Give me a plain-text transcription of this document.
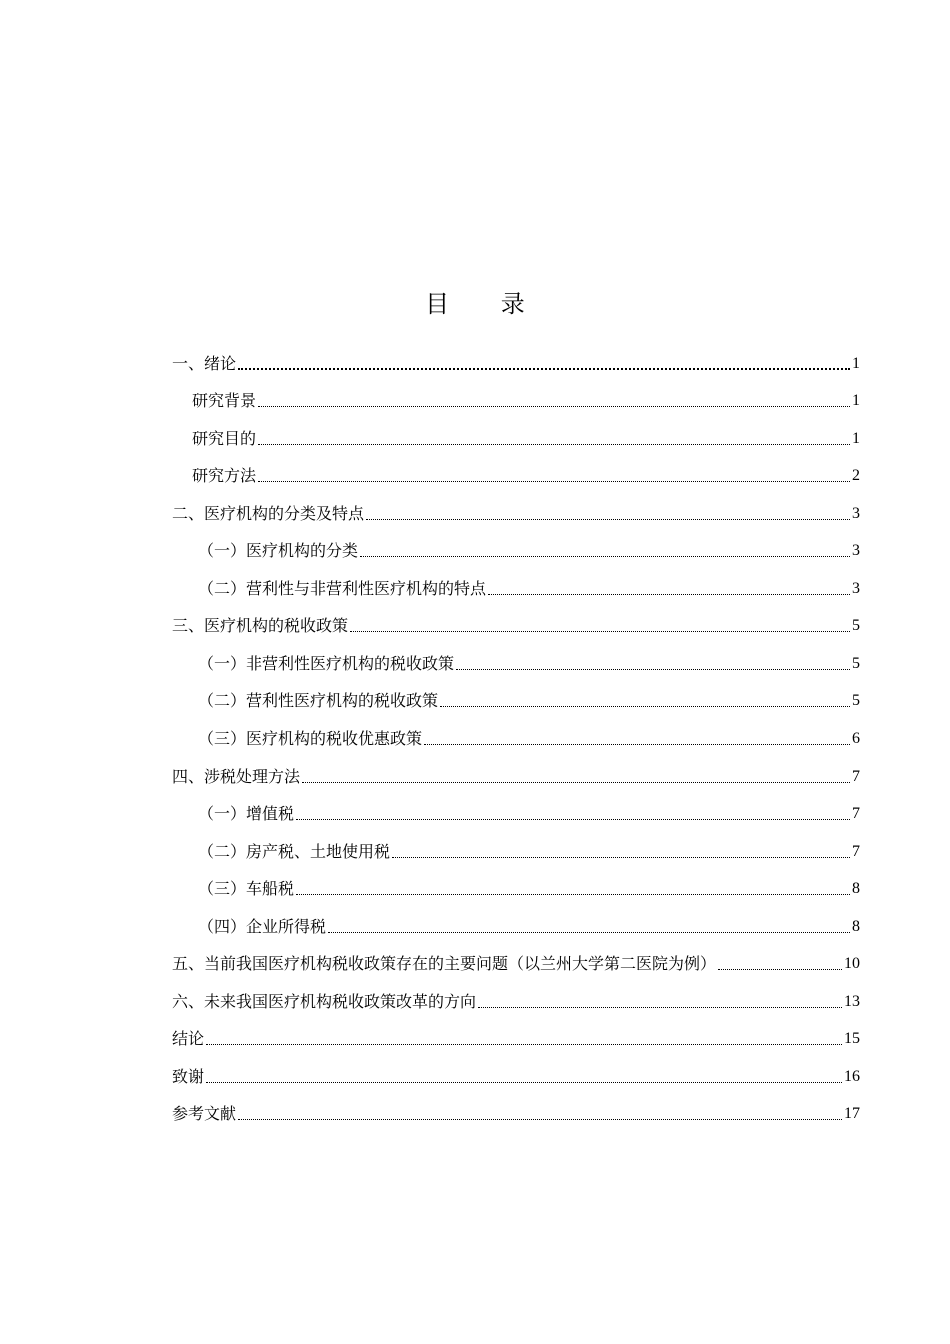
目 录
一、绪论	1
研究背景	1
研究目的	1
研究方法	2
二、医疗机构的分类及特点	3
（一）医疗机构的分类	3
（二）营利性与非营利性医疗机构的特点	3
三、医疗机构的税收政策	5
（一）非营利性医疗机构的税收政策	5
（二）营利性医疗机构的税收政策	5
（三）医疗机构的税收优惠政策	6
四、涉税处理方法	7
（一）增值税	7
（二）房产税、土地使用税	7
（三）车船税	8
（四）企业所得税	8
五、当前我国医疗机构税收政策存在的主要问题（以兰州大学第二医院为例）	10
六、未来我国医疗机构税收政策改革的方向	13
结论	15
致谢	16
参考文献	17
